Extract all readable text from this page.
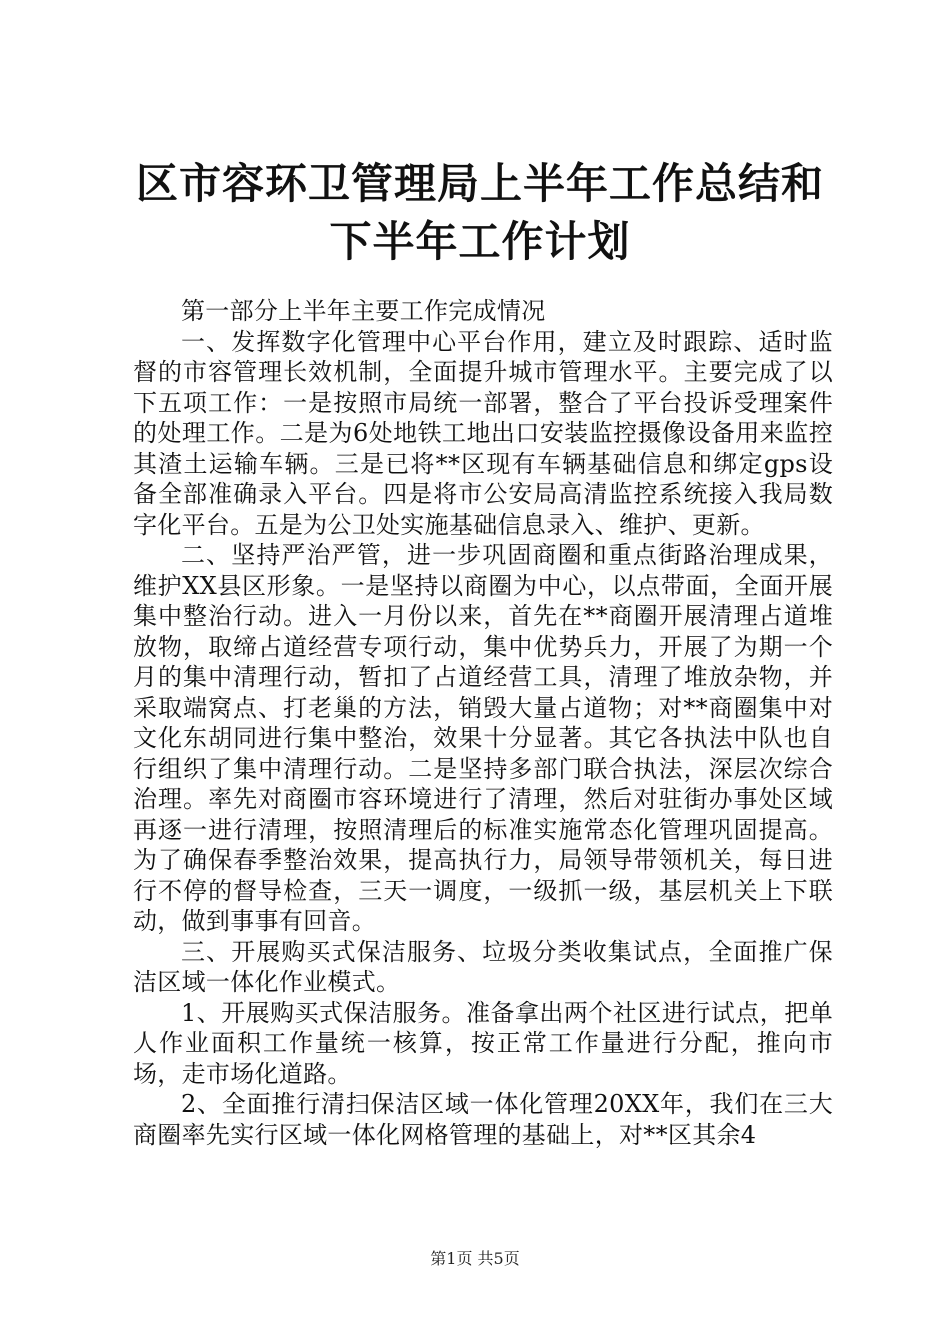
区市容环卫管理局上半年工作总结和下半年工作计划

第一部分上半年主要工作完成情况

一、发挥数字化管理中心平台作用，建立及时跟踪、适时监督的市容管理长效机制，全面提升城市管理水平。主要完成了以下五项工作：一是按照市局统一部署，整合了平台投诉受理案件的处理工作。二是为6处地铁工地出口安装监控摄像设备用来监控其渣土运输车辆。三是已将**区现有车辆基础信息和绑定gps设备全部准确录入平台。四是将市公安局高清监控系统接入我局数字化平台。五是为公卫处实施基础信息录入、维护、更新。

二、坚持严治严管，进一步巩固商圈和重点街路治理成果，维护XX县区形象。一是坚持以商圈为中心，以点带面，全面开展集中整治行动。进入一月份以来，首先在**商圈开展清理占道堆放物，取缔占道经营专项行动，集中优势兵力，开展了为期一个月的集中清理行动，暂扣了占道经营工具，清理了堆放杂物，并采取端窝点、打老巢的方法，销毁大量占道物；对**商圈集中对文化东胡同进行集中整治，效果十分显著。其它各执法中队也自行组织了集中清理行动。二是坚持多部门联合执法，深层次综合治理。率先对商圈市容环境进行了清理，然后对驻街办事处区域再逐一进行清理，按照清理后的标准实施常态化管理巩固提高。为了确保春季整治效果，提高执行力，局领导带领机关，每日进行不停的督导检查，三天一调度，一级抓一级，基层机关上下联动，做到事事有回音。

三、开展购买式保洁服务、垃圾分类收集试点，全面推广保洁区域一体化作业模式。

1、开展购买式保洁服务。准备拿出两个社区进行试点，把单人作业面积工作量统一核算，按正常工作量进行分配，推向市场，走市场化道路。

2、全面推行清扫保洁区域一体化管理20XX年，我们在三大商圈率先实行区域一体化网格管理的基础上，对**区其余4

第1页 共5页
